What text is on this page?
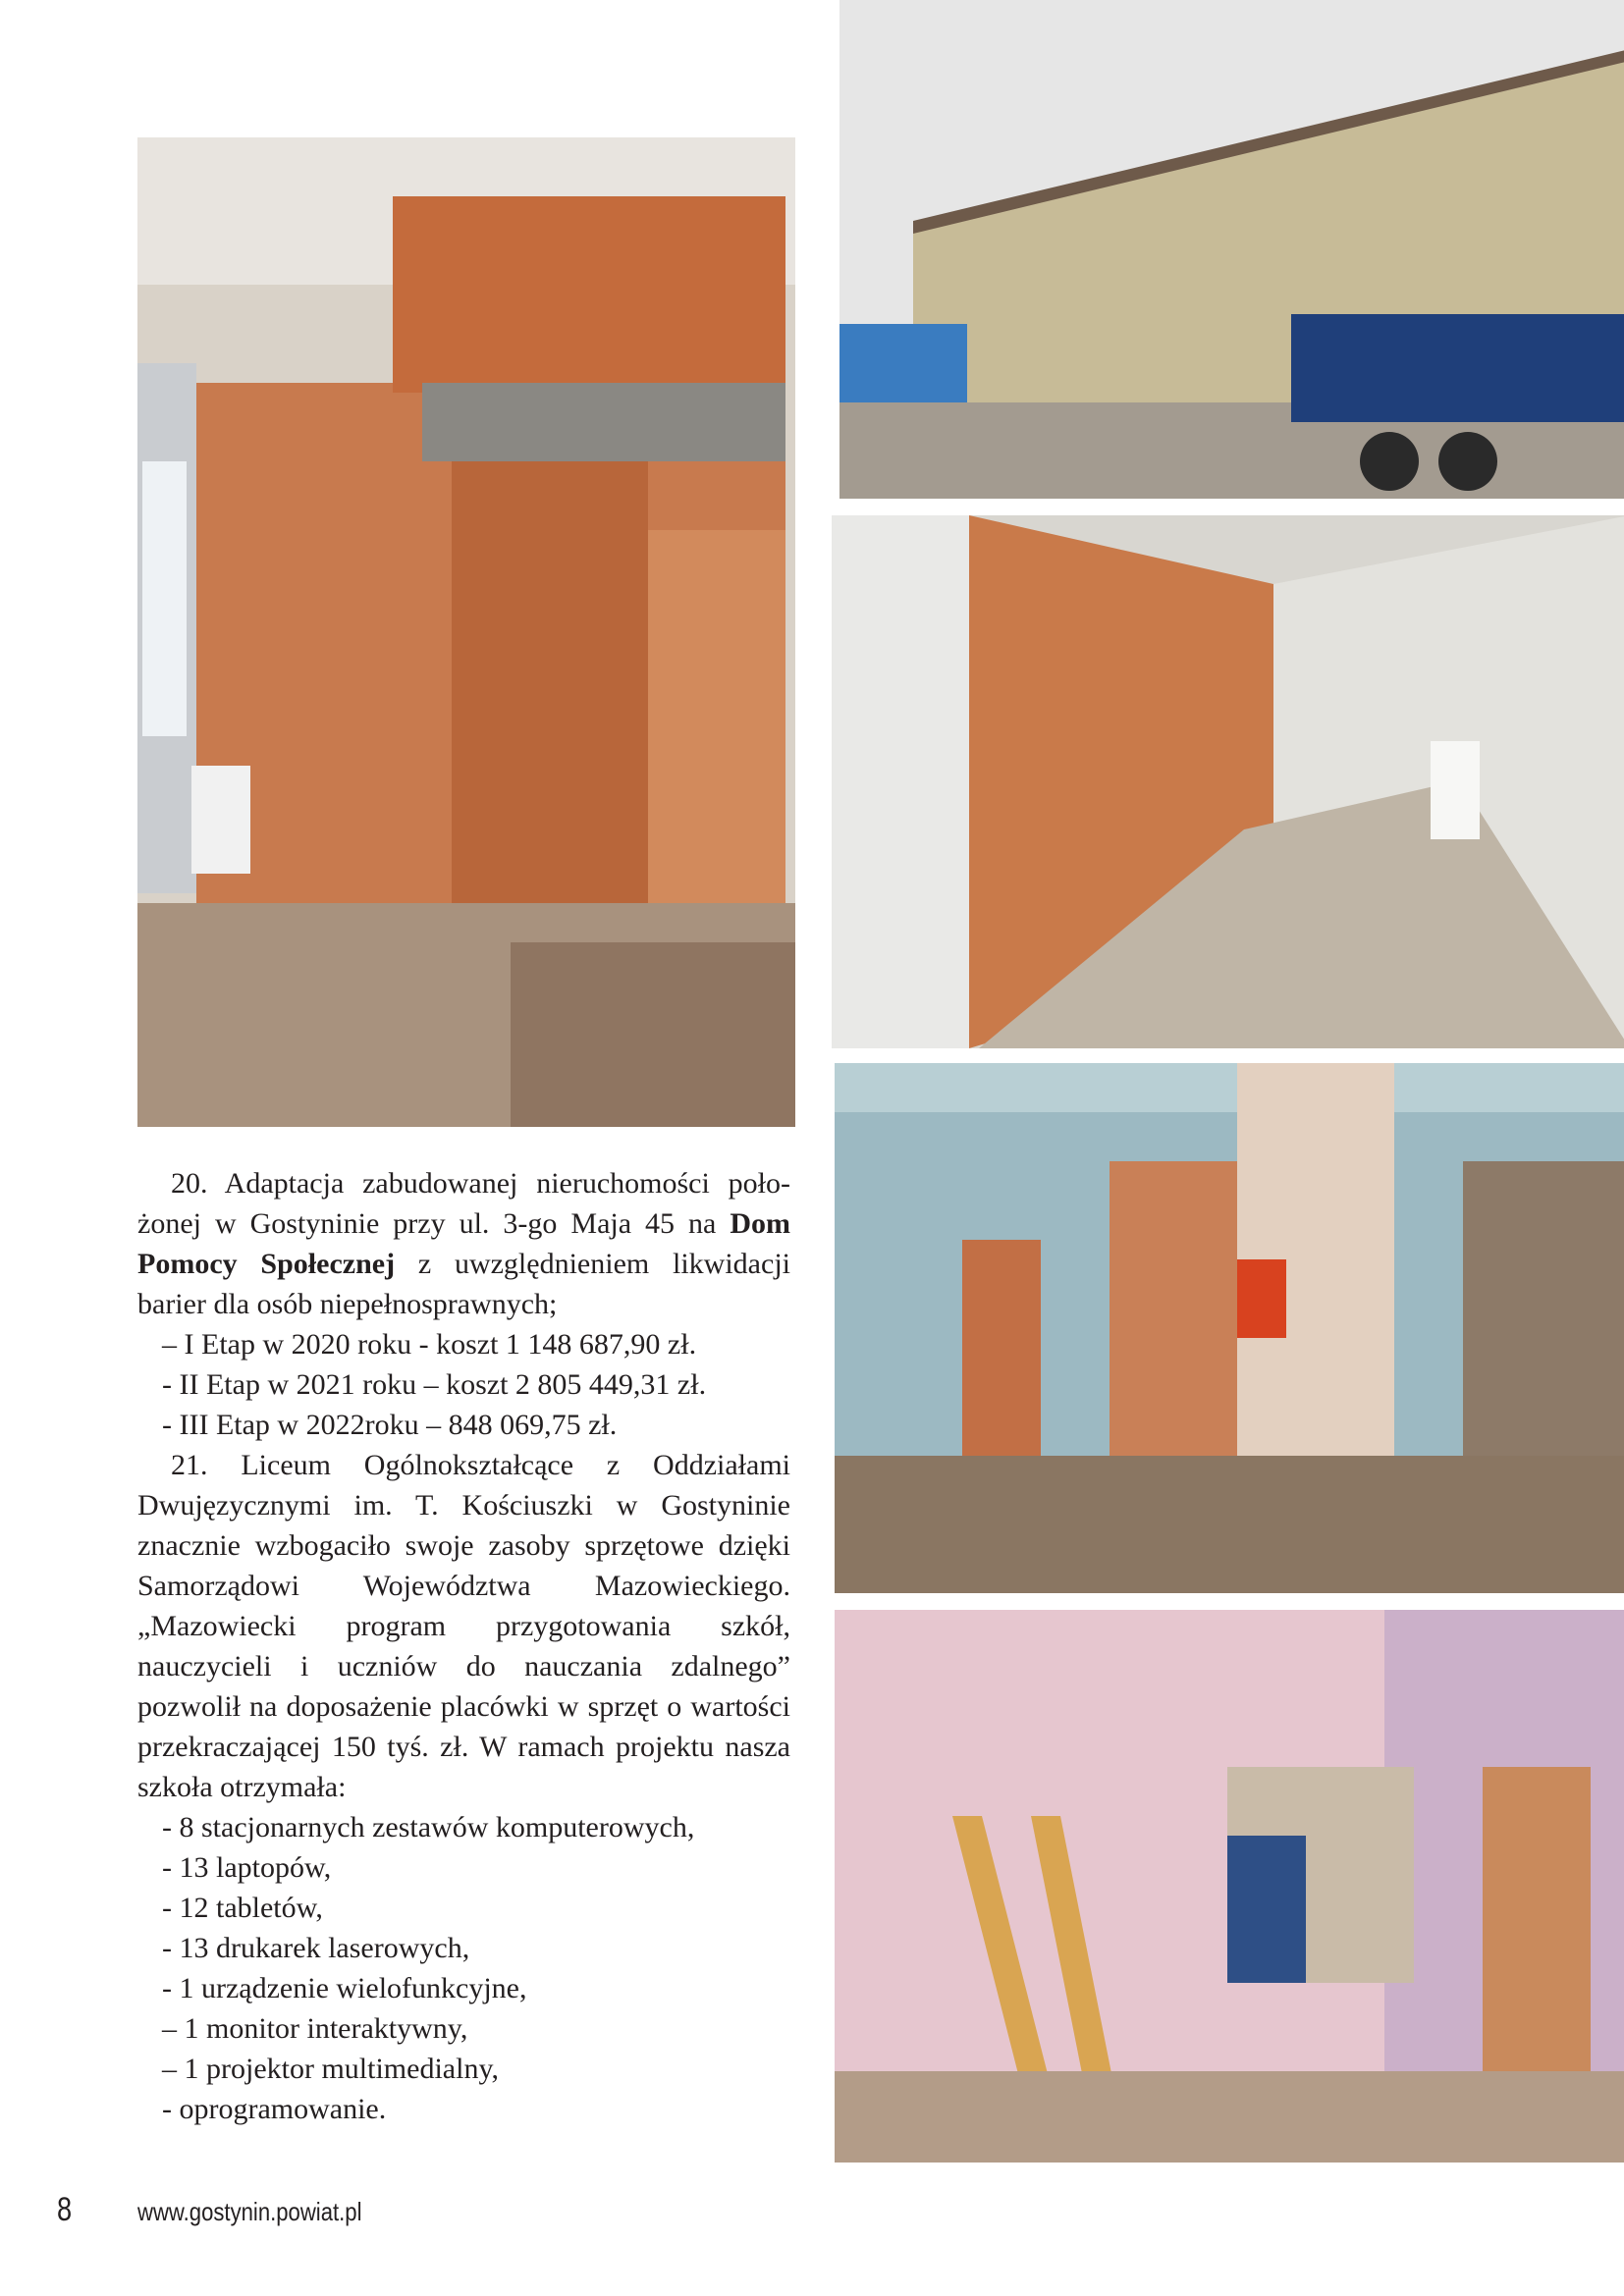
20. Adaptacja zabudowanej nieruchomości poło-żonej w Gostyninie przy ul. 3-go Maja 45 na Dom Pomocy Społecznej z uwzględnieniem likwidacji barier dla osób niepełnosprawnych;

– I Etap w 2020 roku - koszt 1 148 687,90 zł.

- II Etap w 2021 roku – koszt 2 805 449,31 zł.

- III Etap w 2022roku – 848 069,75 zł.

21. Liceum Ogólnokształcące z Oddziałami Dwujęzycznymi im. T. Kościuszki w Gostyninie znacznie wzbogaciło swoje zasoby sprzętowe dzięki Samorządowi Województwa Mazowieckiego. „Mazowiecki program przygotowania szkół, nauczycieli i uczniów do nauczania zdalnego” pozwolił na doposażenie placówki w sprzęt o wartości przekraczającej 150 tyś. zł. W ramach projektu nasza szkoła otrzymała:

- 8 stacjonarnych zestawów komputerowych,

- 13 laptopów,

- 12 tabletów,

- 13 drukarek laserowych,

- 1 urządzenie wielofunkcyjne,

– 1 monitor interaktywny,

– 1 projektor multimedialny,

- oprogramowanie.

8	www.gostynin.powiat.pl
